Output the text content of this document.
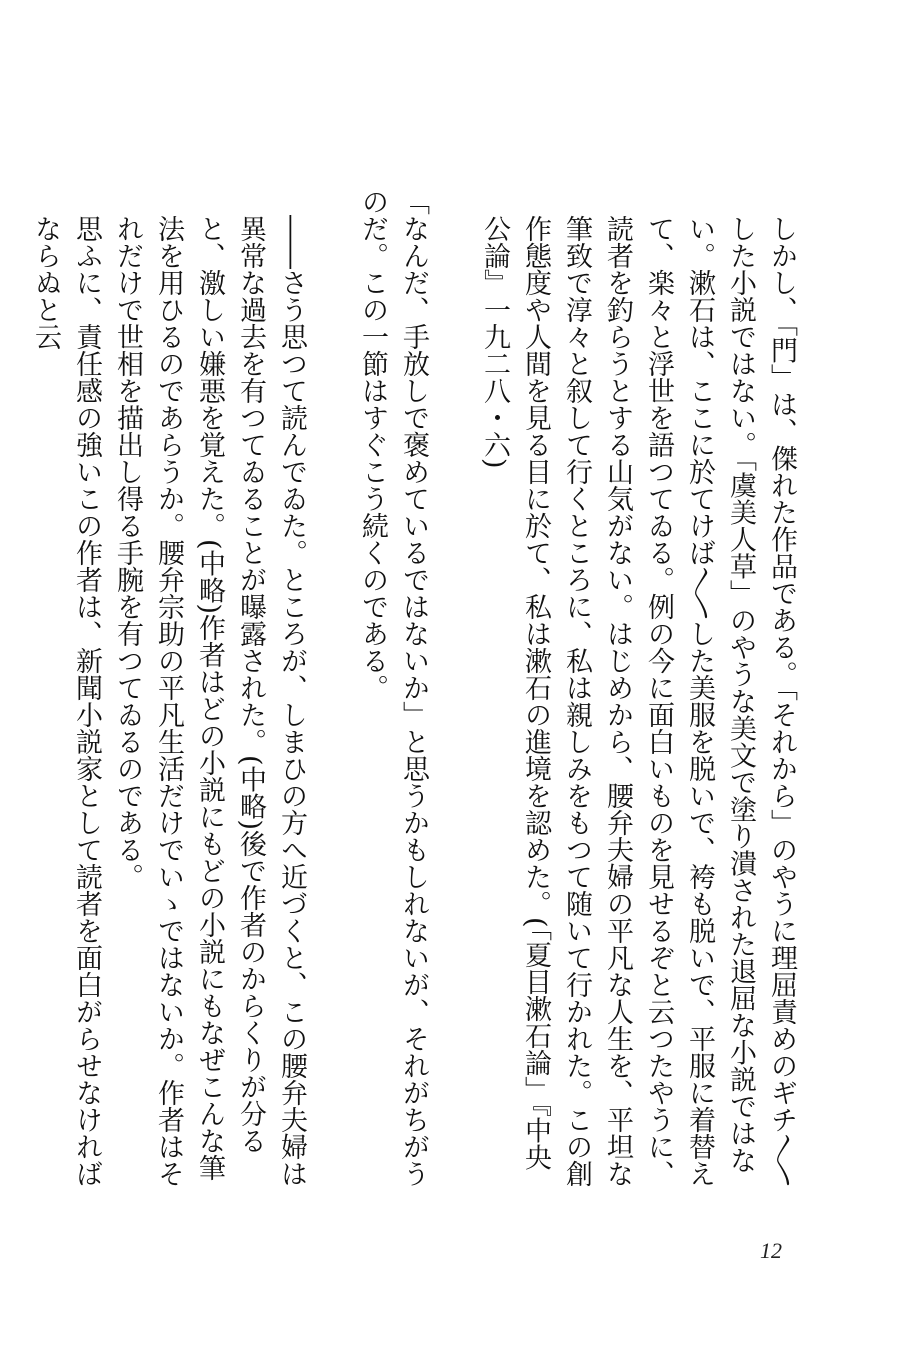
しかし、「門」は、傑れた作品である。「それから」のやうに理屈責めのギチ〱した小説ではない。「虞美人草」のやうな美文で塗り潰された退屈な小説ではない。漱石は、ここに於てけば〱した美服を脱いで、袴も脱いで、平服に着替えて、楽々と浮世を語つてゐる。例の今に面白いものを見せるぞと云つたやうに、読者を釣らうとする山気がない。はじめから、腰弁夫婦の平凡な人生を、平坦な筆致で淳々と叙して行くところに、私は親しみをもつて随いて行かれた。この創作態度や人間を見る目に於て、私は漱石の進境を認めた。(「夏目漱石論」『中央公論』一九二八・六)

「なんだ、手放しで褒めているではないか」と思うかもしれないが、それがちがうのだ。この一節はすぐこう続くのである。

――さう思つて読んでゐた。ところが、しまひの方へ近づくと、この腰弁夫婦は異常な過去を有つてゐることが曝露された。(中略)後で作者のからくりが分ると、激しい嫌悪を覚えた。(中略)作者はどの小説にもどの小説にもなぜこんな筆法を用ひるのであらうか。腰弁宗助の平凡生活だけでいゝではないか。作者はそれだけで世相を描出し得る手腕を有つてゐるのである。

思ふに、責任感の強いこの作者は、新聞小説家として読者を面白がらせなければならぬと云

12
